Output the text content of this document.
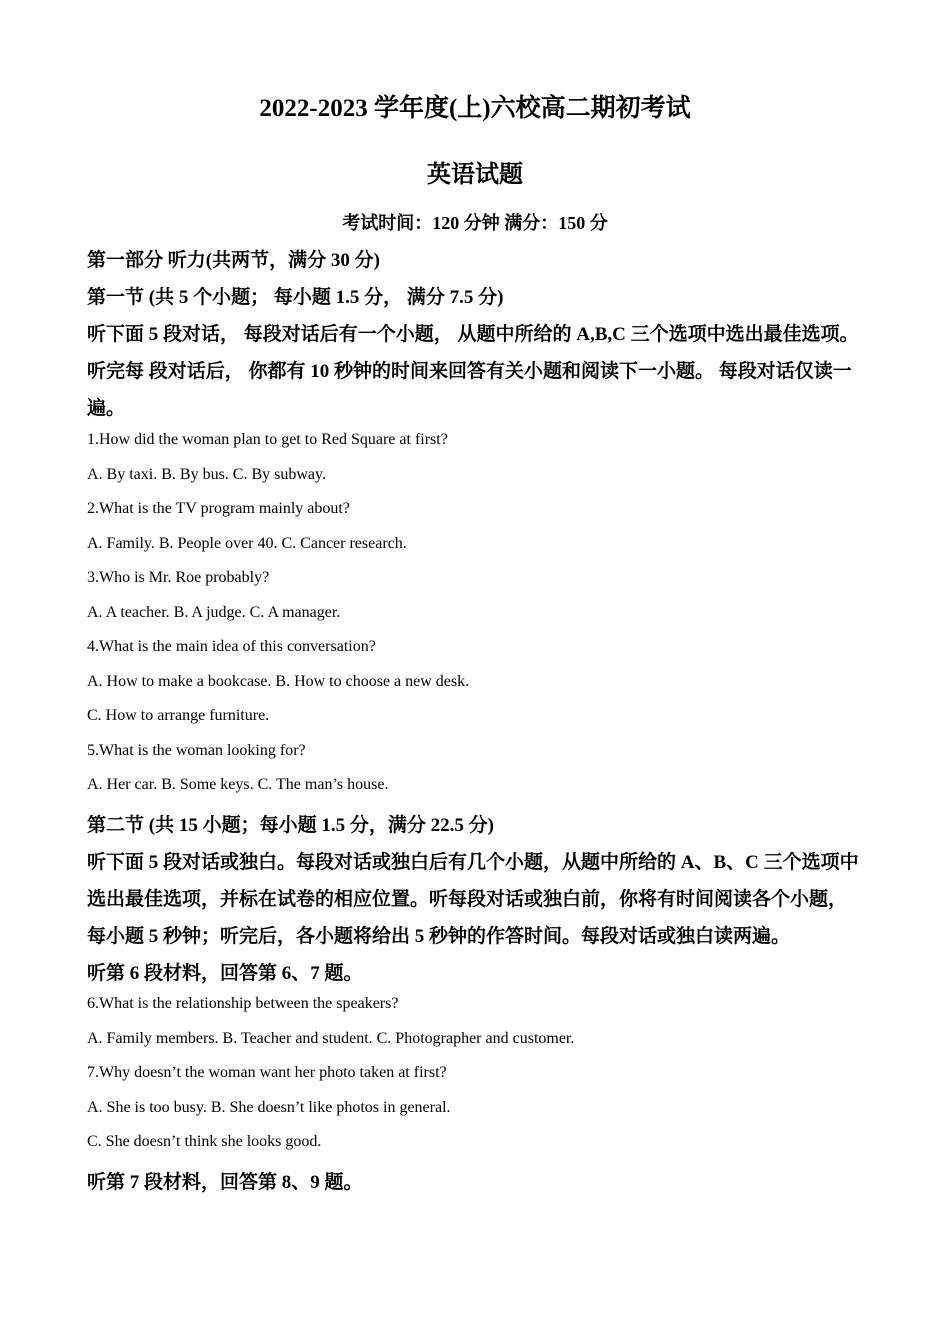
2022-2023 学年度(上)六校高二期初考试
英语试题
考试时间：120 分钟 满分：150 分
第一部分 听力(共两节，满分 30 分)
第一节 (共 5 个小题； 每小题 1.5 分， 满分 7.5 分)
听下面 5 段对话， 每段对话后有一个小题， 从题中所给的 A,B,C 三个选项中选出最佳选项。
听完每 段对话后， 你都有 10 秒钟的时间来回答有关小题和阅读下一小题。 每段对话仅读一
遍。
1.How did the woman plan to get to Red Square at first?
A. By taxi. B. By bus. C. By subway.
2.What is the TV program mainly about?
A. Family. B. People over 40. C. Cancer research.
3.Who is Mr. Roe probably?
A. A teacher. B. A judge. C. A manager.
4.What is the main idea of this conversation?
A. How to make a bookcase. B. How to choose a new desk.
C. How to arrange furniture.
5.What is the woman looking for?
A. Her car. B. Some keys. C. The man’s house.
第二节 (共 15 小题；每小题 1.5 分，满分 22.5 分)
听下面 5 段对话或独白。每段对话或独白后有几个小题，从题中所给的 A、B、C 三个选项中
选出最佳选项，并标在试卷的相应位置。听每段对话或独白前，你将有时间阅读各个小题，
每小题 5 秒钟；听完后，各小题将给出 5 秒钟的作答时间。每段对话或独白读两遍。
听第 6 段材料，回答第 6、7 题。
6.What is the relationship between the speakers?
A. Family members. B. Teacher and student. C. Photographer and customer.
7.Why doesn’t the woman want her photo taken at first?
A. She is too busy. B. She doesn’t like photos in general.
C. She doesn’t think she looks good.
听第 7 段材料，回答第 8、9 题。
